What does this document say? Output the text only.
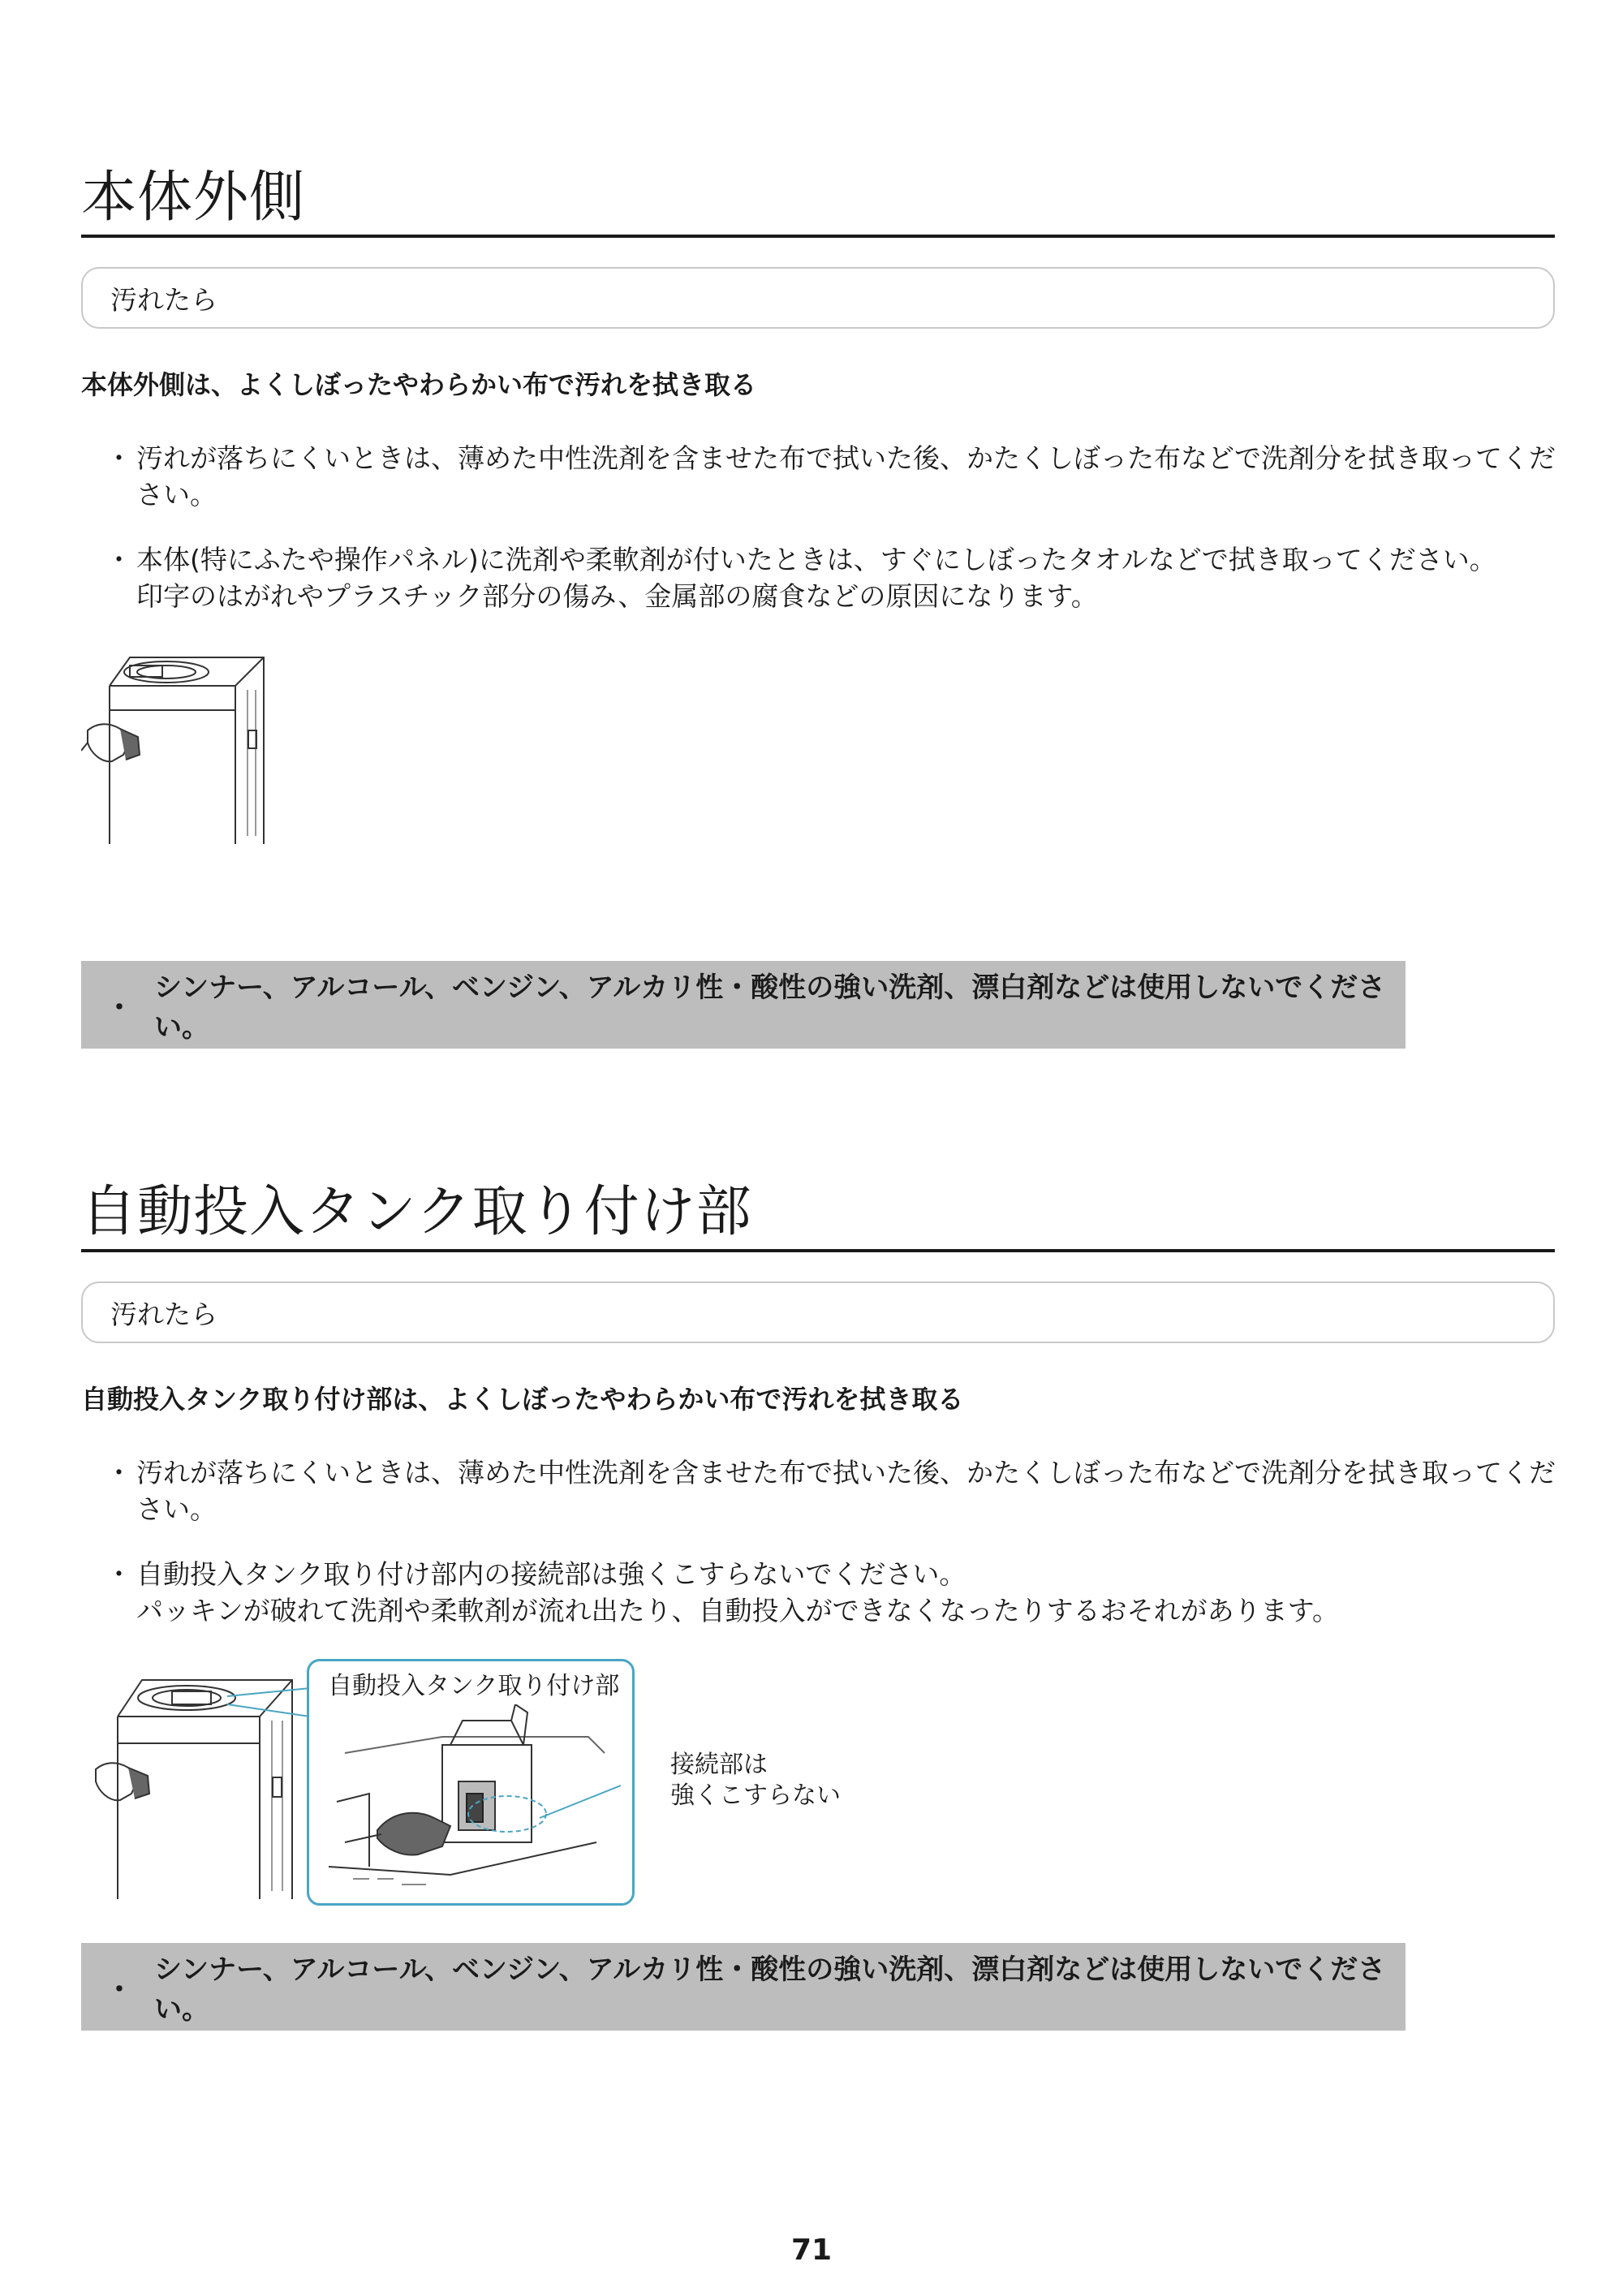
本体外側
汚れたら
本体外側は、よくしぼったやわらかい布で汚れを拭き取る
・ 汚れが落ちにくいときは、薄めた中性洗剤を含ませた布で拭いた後、かたくしぼった布などで洗剤分を拭き取ってくだ
さい。
・ 本体(特にふたや操作パネル)に洗剤や柔軟剤が付いたときは、すぐにしぼったタオルなどで拭き取ってください。
印字のはがれやプラスチック部分の傷み、金属部の腐食などの原因になります。
・
シンナー、アルコール、ベンジン、アルカリ性・酸性の強い洗剤、漂白剤などは使用しないでください。
自動投入タンク取り付け部
汚れたら
自動投入タンク取り付け部は、よくしぼったやわらかい布で汚れを拭き取る
・ 汚れが落ちにくいときは、薄めた中性洗剤を含ませた布で拭いた後、かたくしぼった布などで洗剤分を拭き取ってくだ
さい。
・ 自動投入タンク取り付け部内の接続部は強くこすらないでください。
パッキンが破れて洗剤や柔軟剤が流れ出たり、自動投入ができなくなったりするおそれがあります。
自動投入タンク取り付け部
接続部は
強くこすらない
・
シンナー、アルコール、ベンジン、アルカリ性・酸性の強い洗剤、漂白剤などは使用しないでください。
71
